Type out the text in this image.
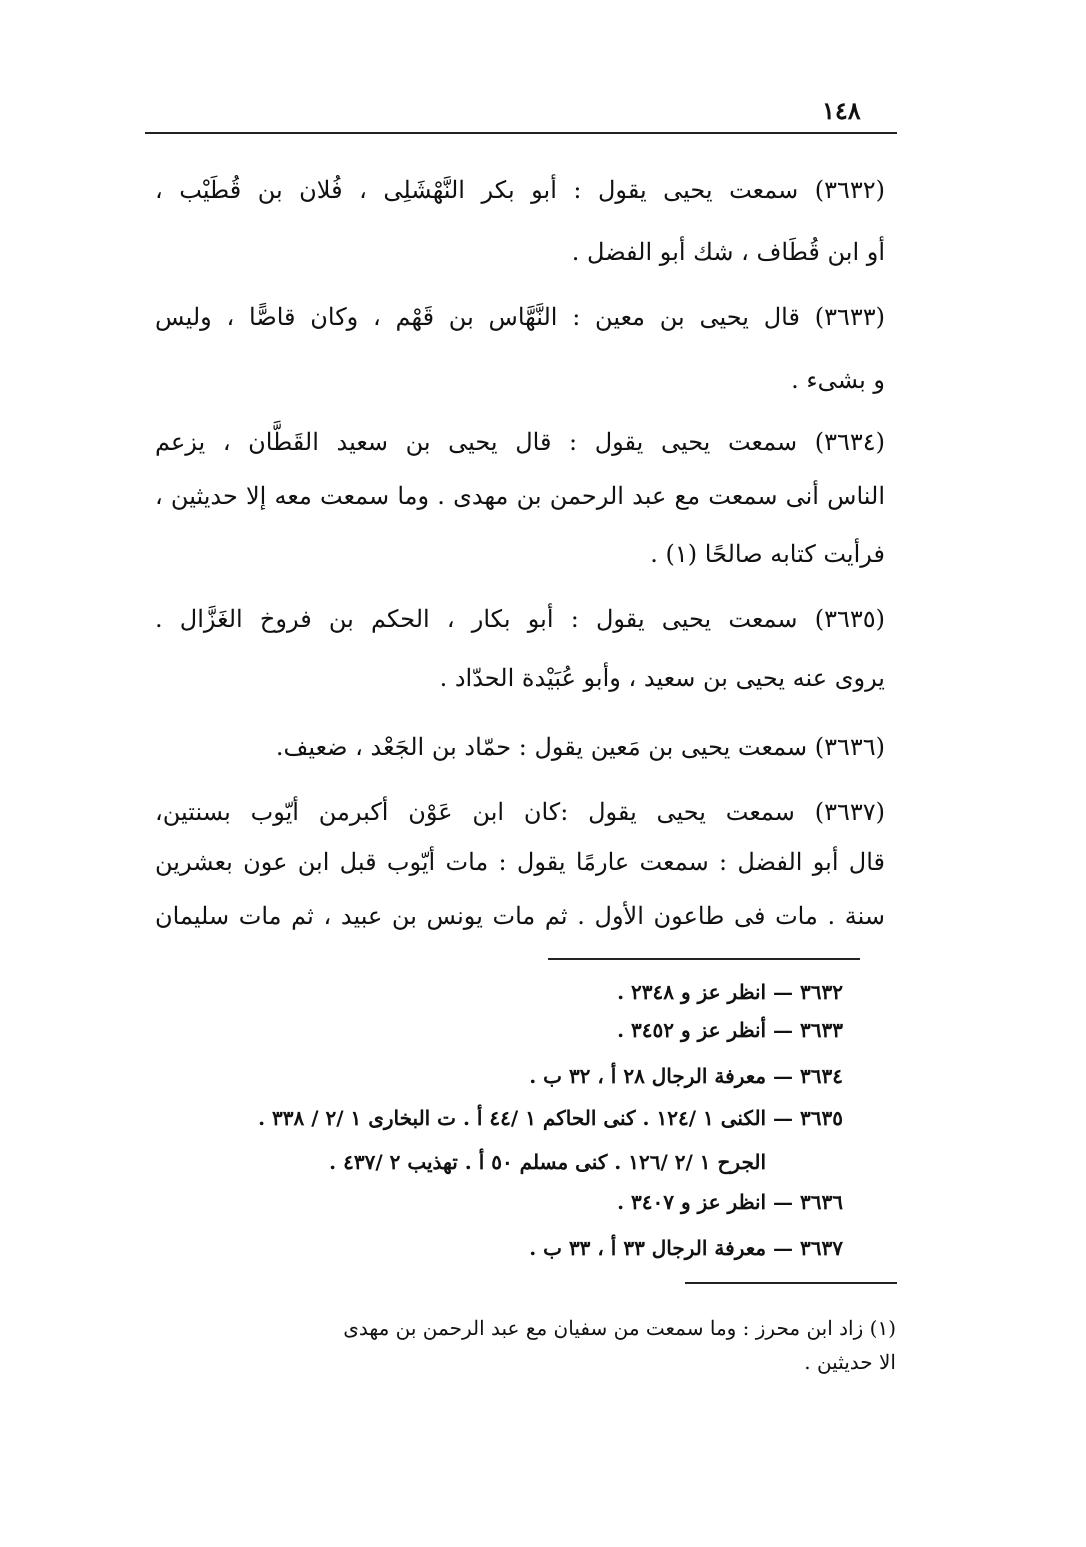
١٤٨
(٣٦٣٢) سمعت يحيى يقول : أبو بكر النَّهْشَلِى ، فُلان بن قُطَيْب ،
أو ابن قُطَاف ، شك أبو الفضل .
(٣٦٣٣) قال يحيى بن معين : النَّهَّاس بن قَهْم ، وكان قاصًّا ، وليس
و بشىء .
(٣٦٣٤) سمعت يحيى يقول : قال يحيى بن سعيد القَطَّان ، يزعم
الناس أنى سمعت مع عبد الرحمن بن مهدى . وما سمعت معه إلا حديثين ،
فرأيت كتابه صالحًا (١) .
(٣٦٣٥) سمعت يحيى يقول : أبو بكار ، الحكم بن فروخ الغَزَّال .
يروى عنه يحيى بن سعيد ، وأبو عُبَيْدة الحدّاد .
(٣٦٣٦) سمعت يحيى بن مَعين يقول : حمّاد بن الجَعْد ، ضعيف.
(٣٦٣٧) سمعت يحيى يقول :كان ابن عَوْن أكبرمن أيّوب بسنتين،
قال أبو الفضل : سمعت عارمًا يقول : مات أيّوب قبل ابن عون بعشرين
سنة . مات فى طاعون الأول . ثم مات يونس بن عبيد ، ثم مات سليمان
٣٦٣٢ — انظر عز و ٢٣٤٨ .
٣٦٣٣ — أنظر عز و ٣٤٥٢ .
٣٦٣٤ — معرفة الرجال ٢٨ أ ، ٣٢ ب .
٣٦٣٥ — الكنى ١ /١٢٤ . كنى الحاكم ١ /٤٤ أ . ت البخارى ١ /٢ / ٣٣٨ .
الجرح ١ /٢ /١٢٦ . كنى مسلم ٥٠ أ . تهذيب ٢ /٤٣٧ .
٣٦٣٦ — انظر عز و ٣٤٠٧ .
٣٦٣٧ — معرفة الرجال ٣٣ أ ، ٣٣ ب .
(١) زاد ابن محرز : وما سمعت من سفيان مع عبد الرحمن بن مهدى
الا حديثين .
